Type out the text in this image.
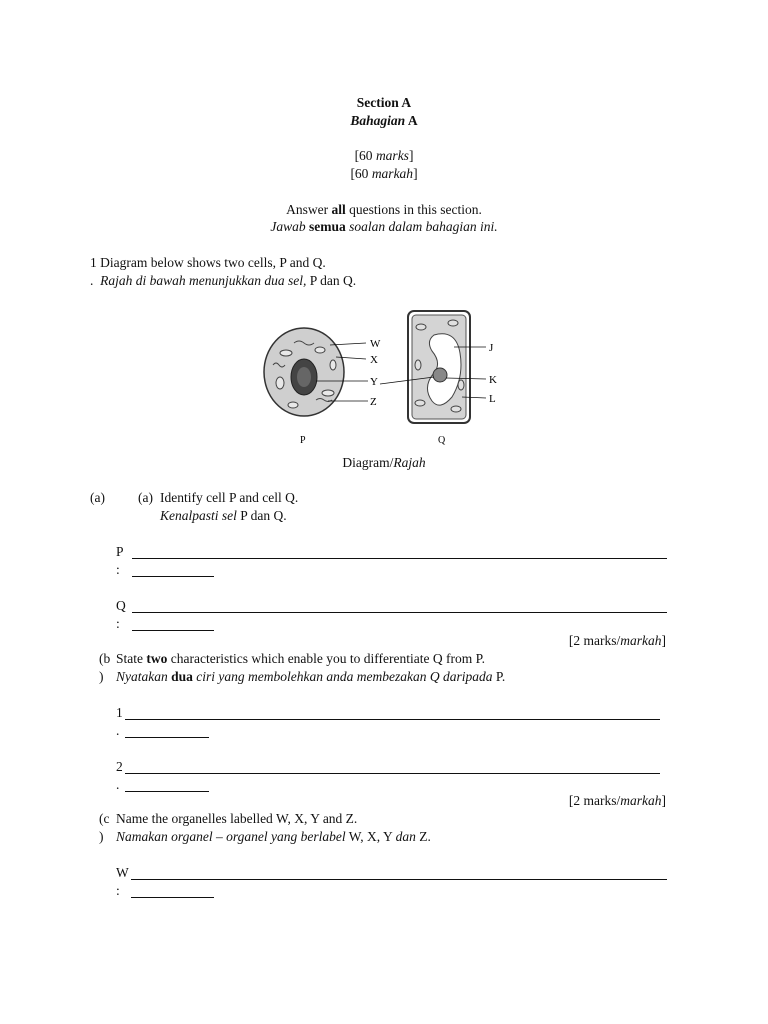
Section A
Bahagian A
[60 marks]
[60 markah]
Answer all questions in this section.
Jawab semua soalan dalam bahagian ini.
1 Diagram below shows two cells, P and Q.
. Rajah di bawah menunjukkan dua sel, P dan Q.
W
X
Y
Z
P
J
K
L
Q
Diagram/Rajah
(a) (a) Identify cell P and cell Q.
Kenalpasti sel P dan Q.
P
:
Q
:
[2 marks/markah]
(b
)
State two characteristics which enable you to differentiate Q from P.
Nyatakan dua ciri yang membolehkan anda membezakan Q daripada P.
1
.
2
.
[2 marks/markah]
(c
)
Name the organelles labelled W, X, Y and Z.
Namakan organel – organel yang berlabel W, X, Y dan Z.
W
:
